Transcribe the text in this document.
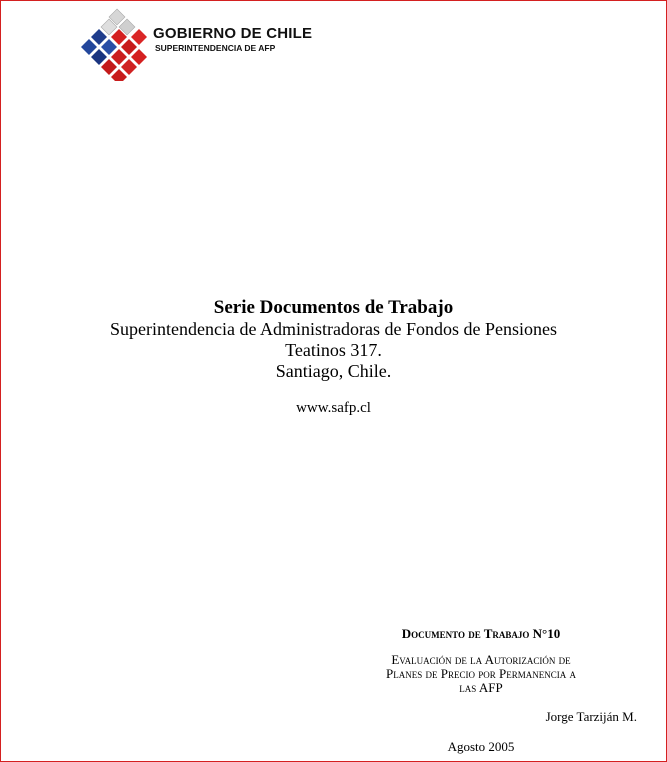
GOBIERNO DE CHILE
SUPERINTENDENCIA DE AFP
Serie Documentos de Trabajo
Superintendencia de Administradoras de Fondos de Pensiones
Teatinos 317.
Santiago, Chile.
www.safp.cl
Documento de Trabajo N°10
Evaluación de la Autorización de
Planes de Precio por Permanencia a
las AFP
Jorge Tarziján M.
Agosto 2005
